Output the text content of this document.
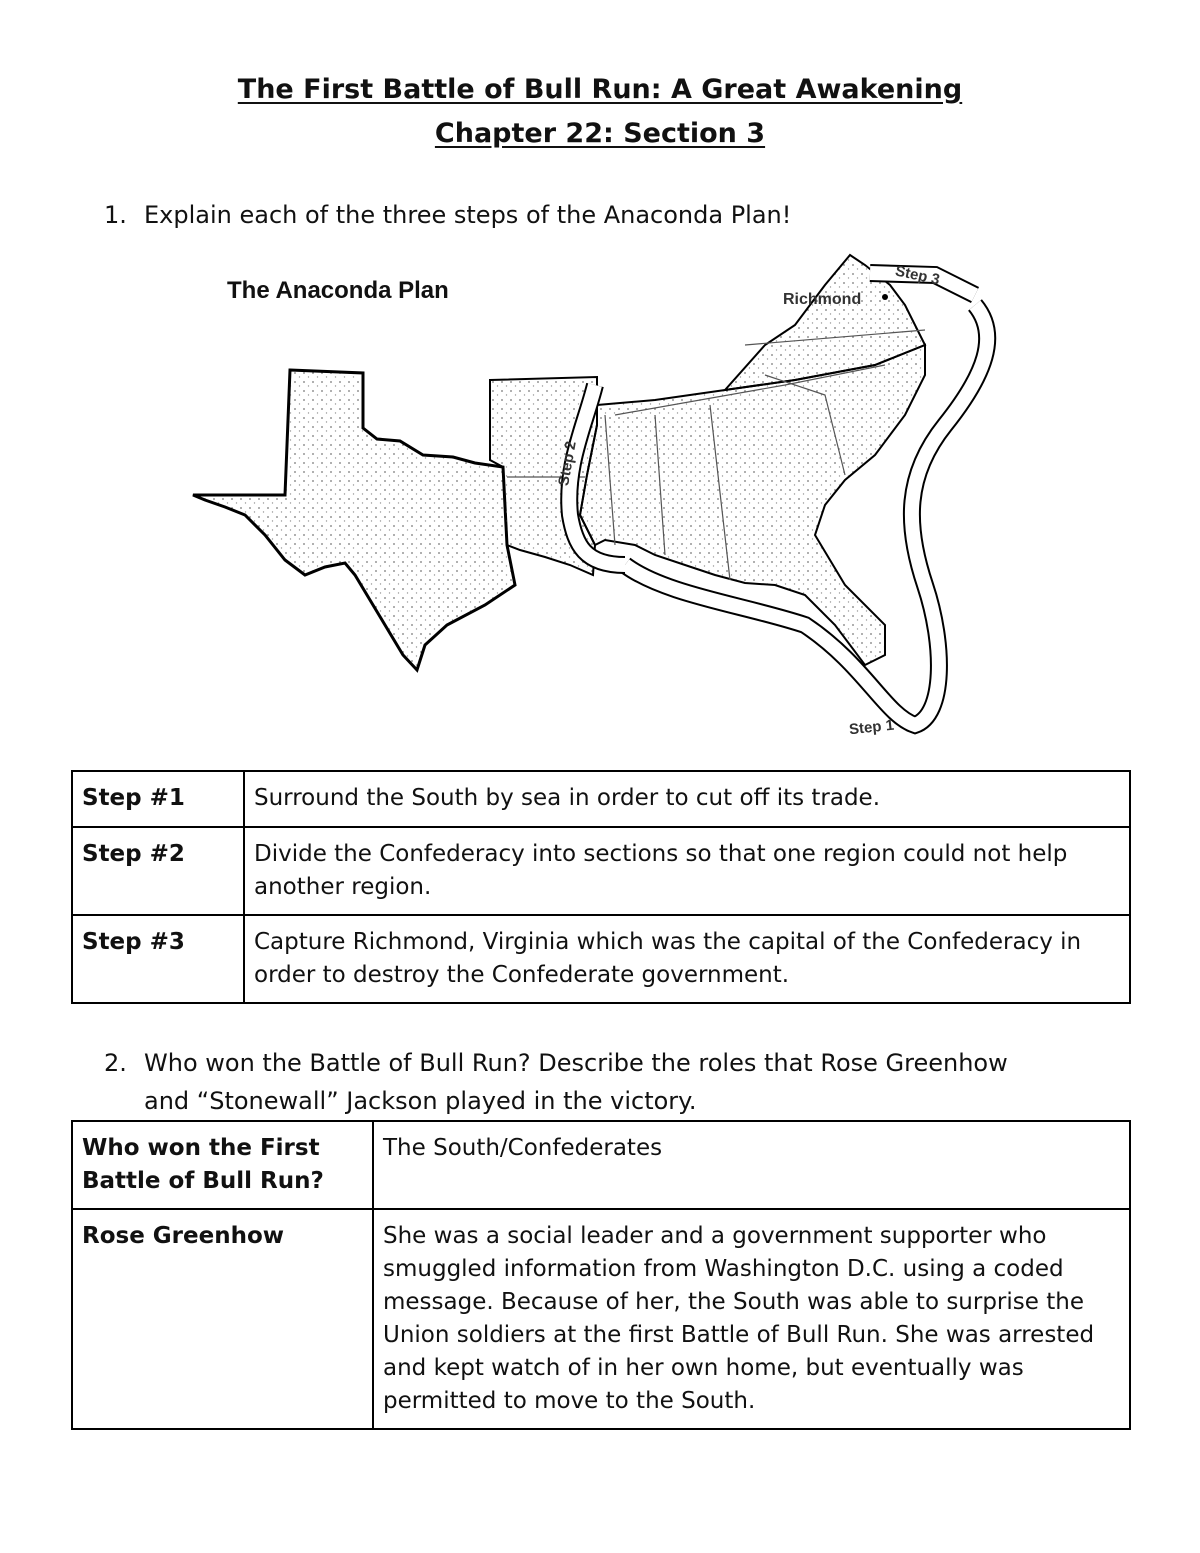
The First Battle of Bull Run: A Great Awakening
Chapter 22: Section 3
1. Explain each of the three steps of the Anaconda Plan!
The Anaconda Plan	Richmond
Step 3
Step 2
Step 1
Step #1	Surround the South by sea in order to cut off its trade.
Step #2	Divide the Confederacy into sections so that one region could not help another region.
Step #3	Capture Richmond, Virginia which was the capital of the Confederacy in order to destroy the Confederate government.
2. Who won the Battle of Bull Run? Describe the roles that Rose Greenhow and “Stonewall” Jackson played in the victory.
Who won the First Battle of Bull Run?	The South/Confederates
Rose Greenhow	She was a social leader and a government supporter who smuggled information from Washington D.C. using a coded message. Because of her, the South was able to surprise the Union soldiers at the first Battle of Bull Run. She was arrested and kept watch of in her own home, but eventually was permitted to move to the South.
